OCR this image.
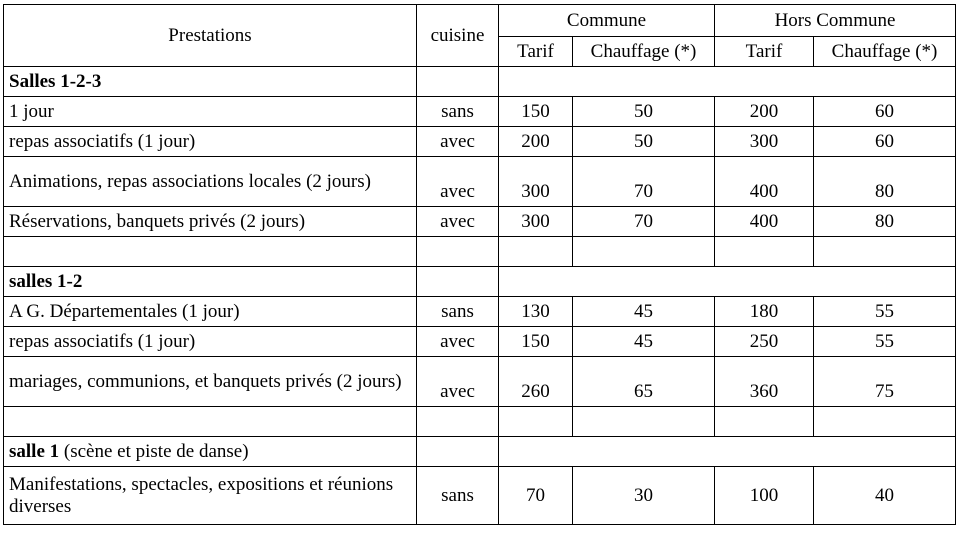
Prestations	cuisine	Commune		Hors Commune	
		Tarif	Chauffage (*)	Tarif	Chauffage (*)
Salles 1-2-3					
1 jour	sans	150	50	200	60
repas associatifs (1 jour)	avec	200	50	300	60
Animations, repas associations locales (2 jours)	avec	300	70	400	80
Réservations, banquets privés (2 jours)	avec	300	70	400	80

salles 1-2					
A G. Départementales (1 jour)	sans	130	45	180	55
repas associatifs (1 jour)	avec	150	45	250	55
mariages, communions, et banquets privés (2 jours)	avec	260	65	360	75

salle 1 (scène et piste de danse)					
Manifestations, spectacles, expositions et réunions diverses	sans	70	30	100	40
